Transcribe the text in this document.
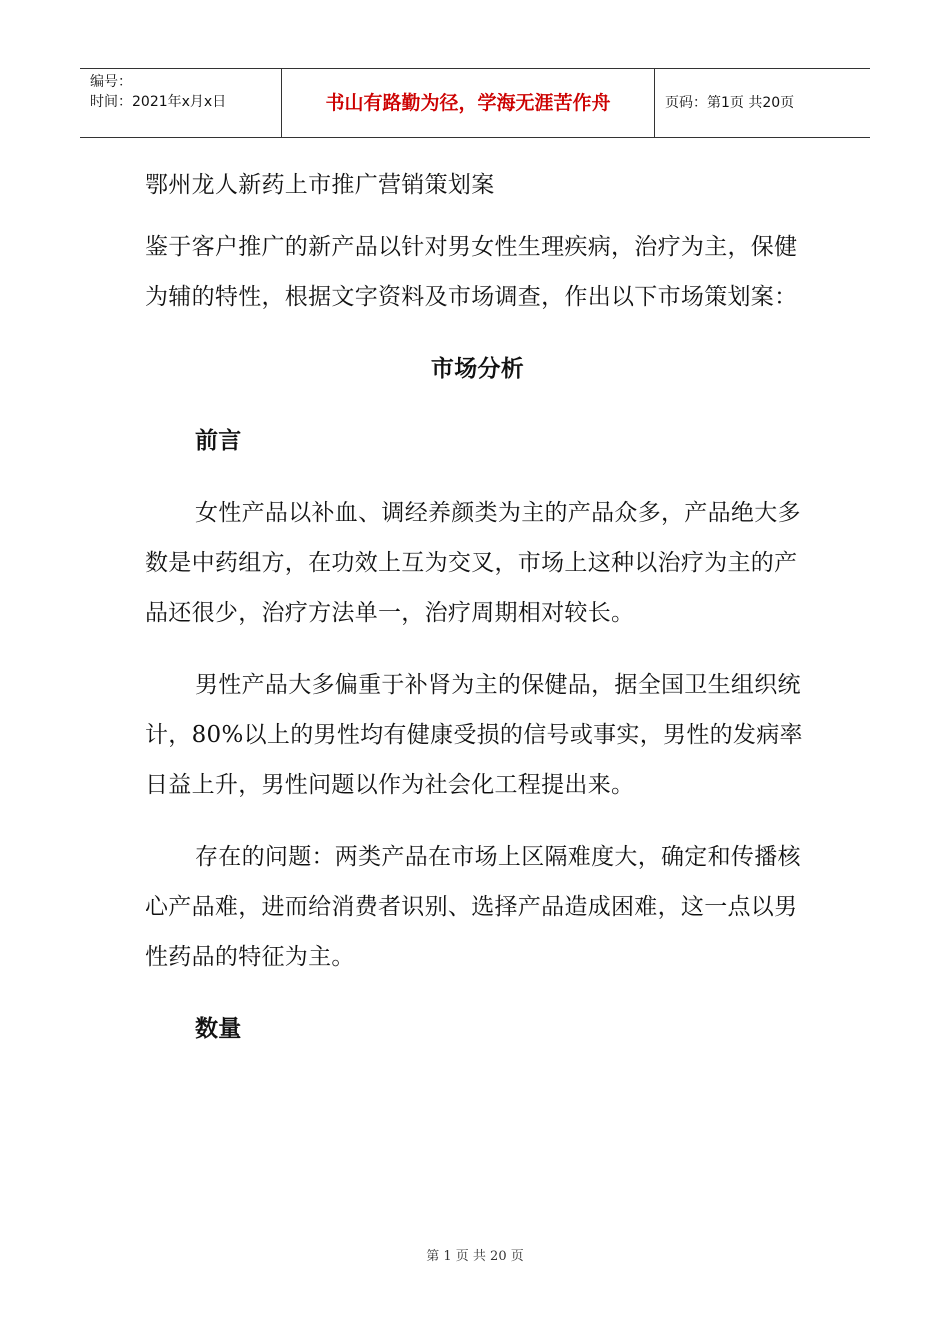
编号：
时间：2021年x月x日	书山有路勤为径，学海无涯苦作舟	页码：第1页 共20页

鄂州龙人新药上市推广营销策划案

鉴于客户推广的新产品以针对男女性生理疾病，治疗为主，保健为辅的特性，根据文字资料及市场调查，作出以下市场策划案：

市场分析

前言

女性产品以补血、调经养颜类为主的产品众多，产品绝大多数是中药组方，在功效上互为交叉，市场上这种以治疗为主的产品还很少，治疗方法单一，治疗周期相对较长。

男性产品大多偏重于补肾为主的保健品，据全国卫生组织统计，80%以上的男性均有健康受损的信号或事实，男性的发病率日益上升，男性问题以作为社会化工程提出来。

存在的问题：两类产品在市场上区隔难度大，确定和传播核心产品难，进而给消费者识别、选择产品造成困难，这一点以男性药品的特征为主。

数量

第 1 页 共 20 页
